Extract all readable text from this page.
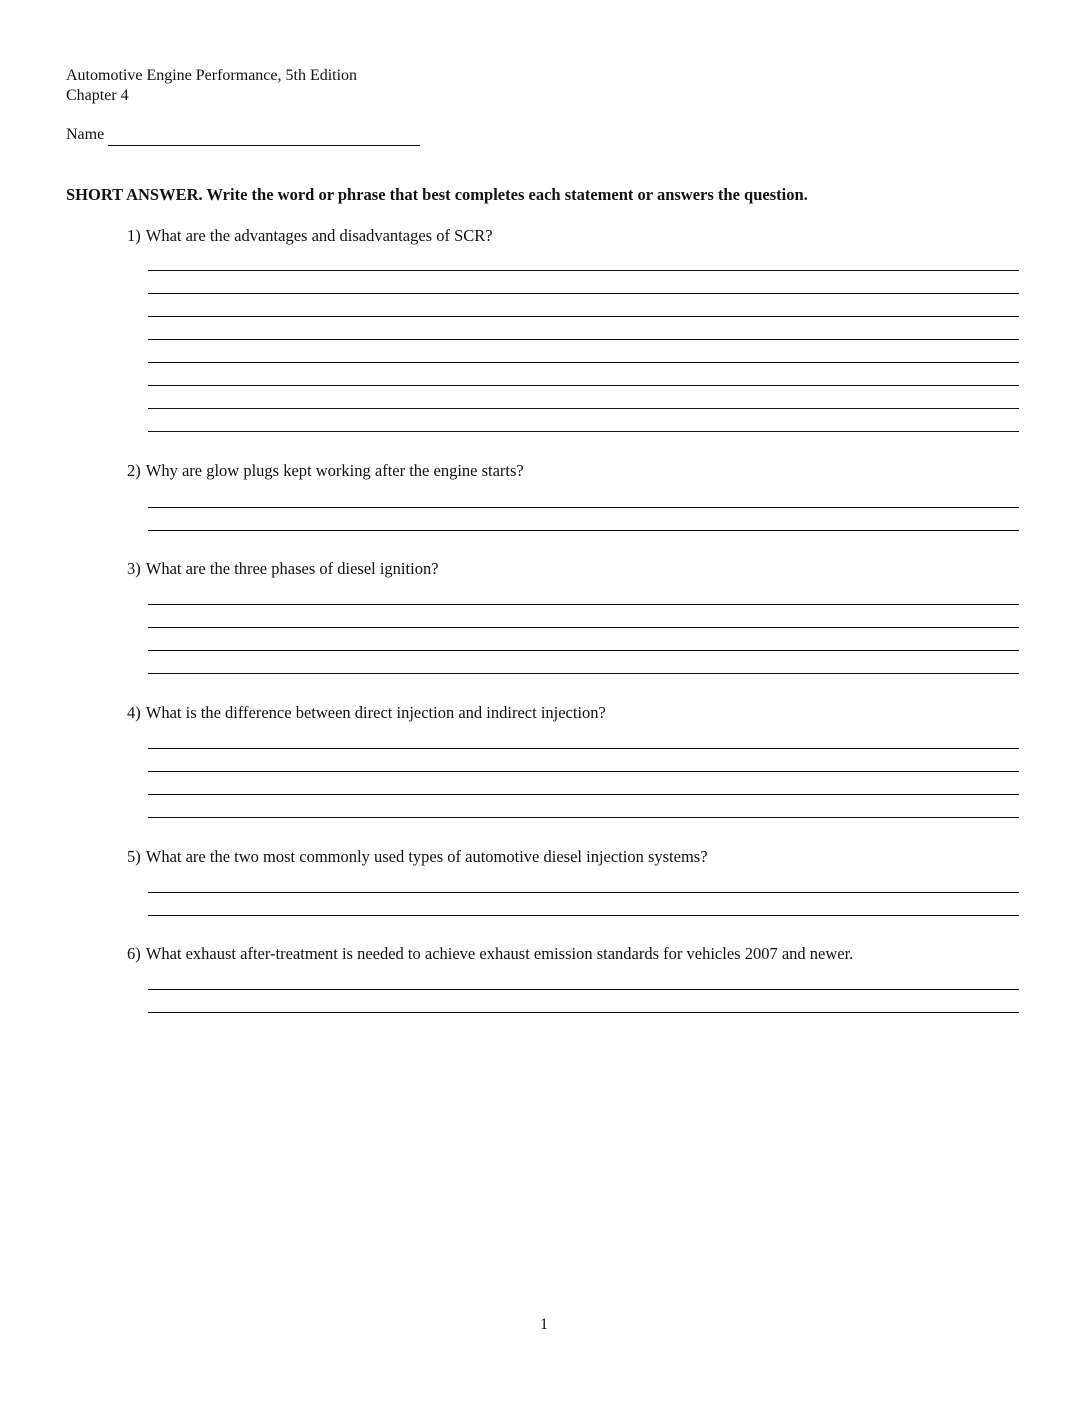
Automotive Engine Performance, 5th Edition
Chapter 4
Name
SHORT ANSWER. Write the word or phrase that best completes each statement or answers the question.
1) What are the advantages and disadvantages of SCR?
2) Why are glow plugs kept working after the engine starts?
3) What are the three phases of diesel ignition?
4) What is the difference between direct injection and indirect injection?
5) What are the two most commonly used types of automotive diesel injection systems?
6) What exhaust after-treatment is needed to achieve exhaust emission standards for vehicles 2007 and newer.
1
